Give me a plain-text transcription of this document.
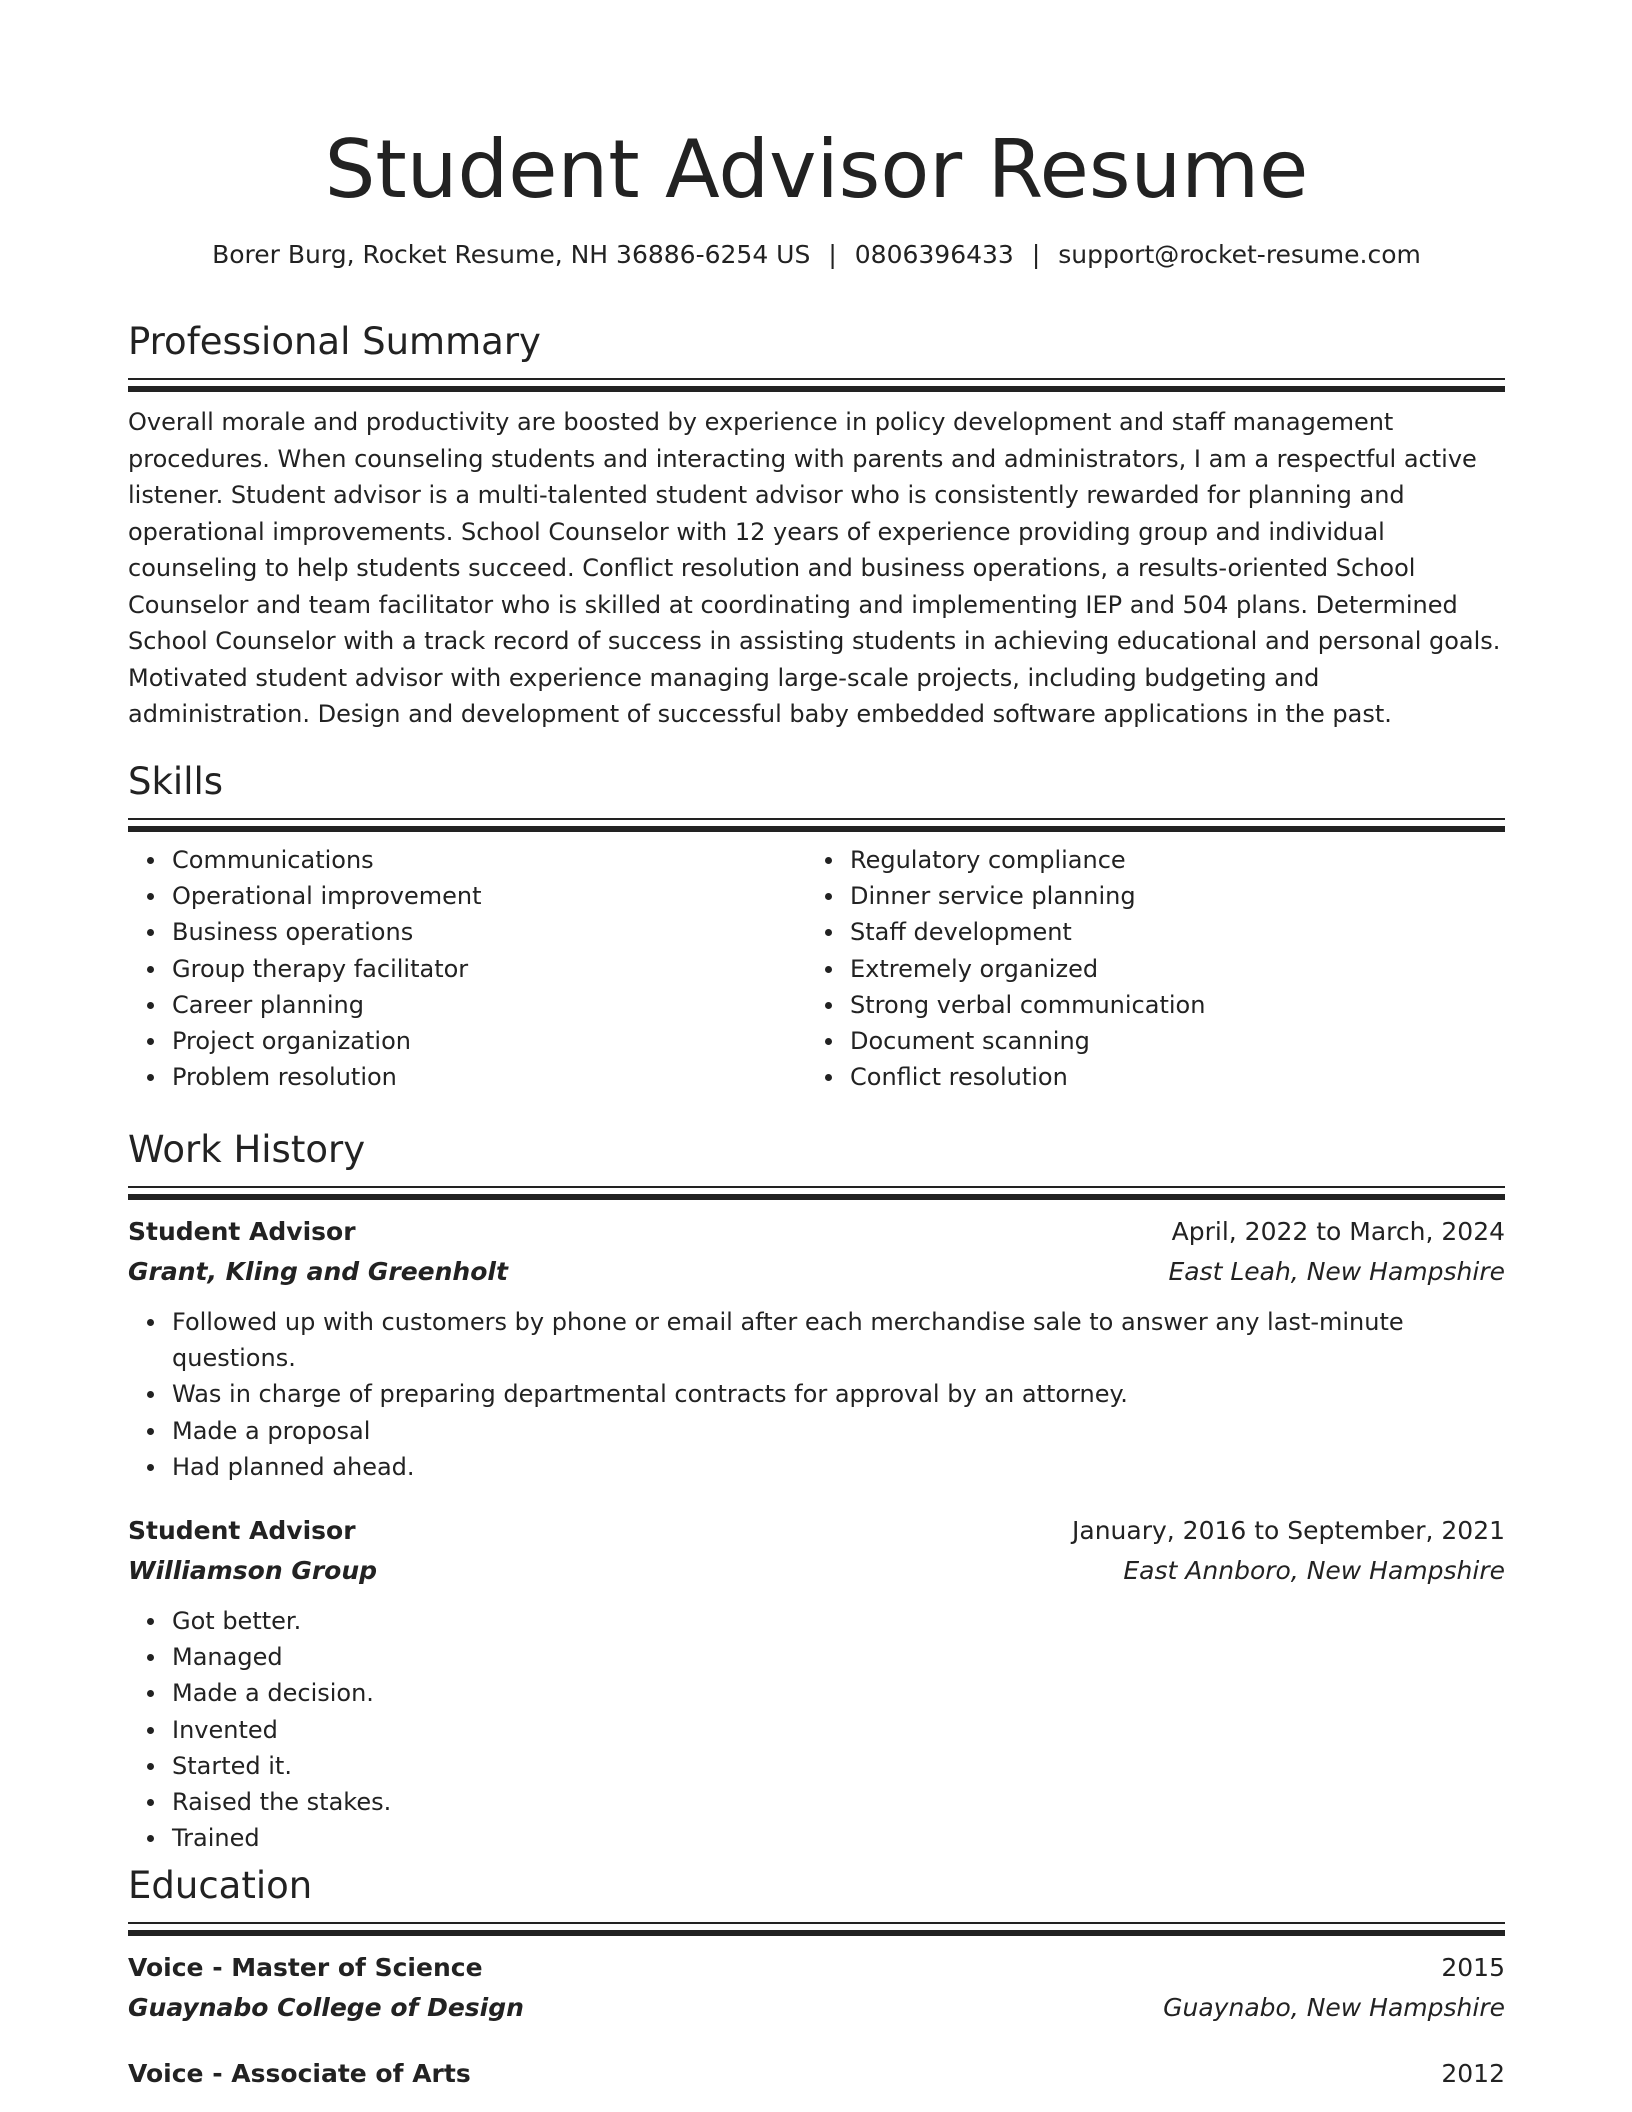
Student Advisor Resume
Borer Burg, Rocket Resume, NH 36886-6254 US | 0806396433 | support@rocket-resume.com
Professional Summary

Overall morale and productivity are boosted by experience in policy development and staff management procedures. When counseling students and interacting with parents and administrators, I am a respectful active listener. Student advisor is a multi-talented student advisor who is consistently rewarded for planning and operational improvements. School Counselor with 12 years of experience providing group and individual counseling to help students succeed. Conflict resolution and business operations, a results-oriented School Counselor and team facilitator who is skilled at coordinating and implementing IEP and 504 plans. Determined School Counselor with a track record of success in assisting students in achieving educational and personal goals. Motivated student advisor with experience managing large-scale projects, including budgeting and administration. Design and development of successful baby embedded software applications in the past.

Skills
Communications
Operational improvement
Business operations
Group therapy facilitator
Career planning
Project organization
Problem resolution
Regulatory compliance
Dinner service planning
Staff development
Extremely organized
Strong verbal communication
Document scanning
Conflict resolution
Work History
Student Advisor	April, 2022 to March, 2024
Grant, Kling and Greenholt	East Leah, New Hampshire
Followed up with customers by phone or email after each merchandise sale to answer any last-minute questions.
Was in charge of preparing departmental contracts for approval by an attorney.
Made a proposal
Had planned ahead.
Student Advisor	January, 2016 to September, 2021
Williamson Group	East Annboro, New Hampshire
Got better.
Managed
Made a decision.
Invented
Started it.
Raised the stakes.
Trained
Education
Voice - Master of Science	2015
Guaynabo College of Design	Guaynabo, New Hampshire
Voice - Associate of Arts	2012
